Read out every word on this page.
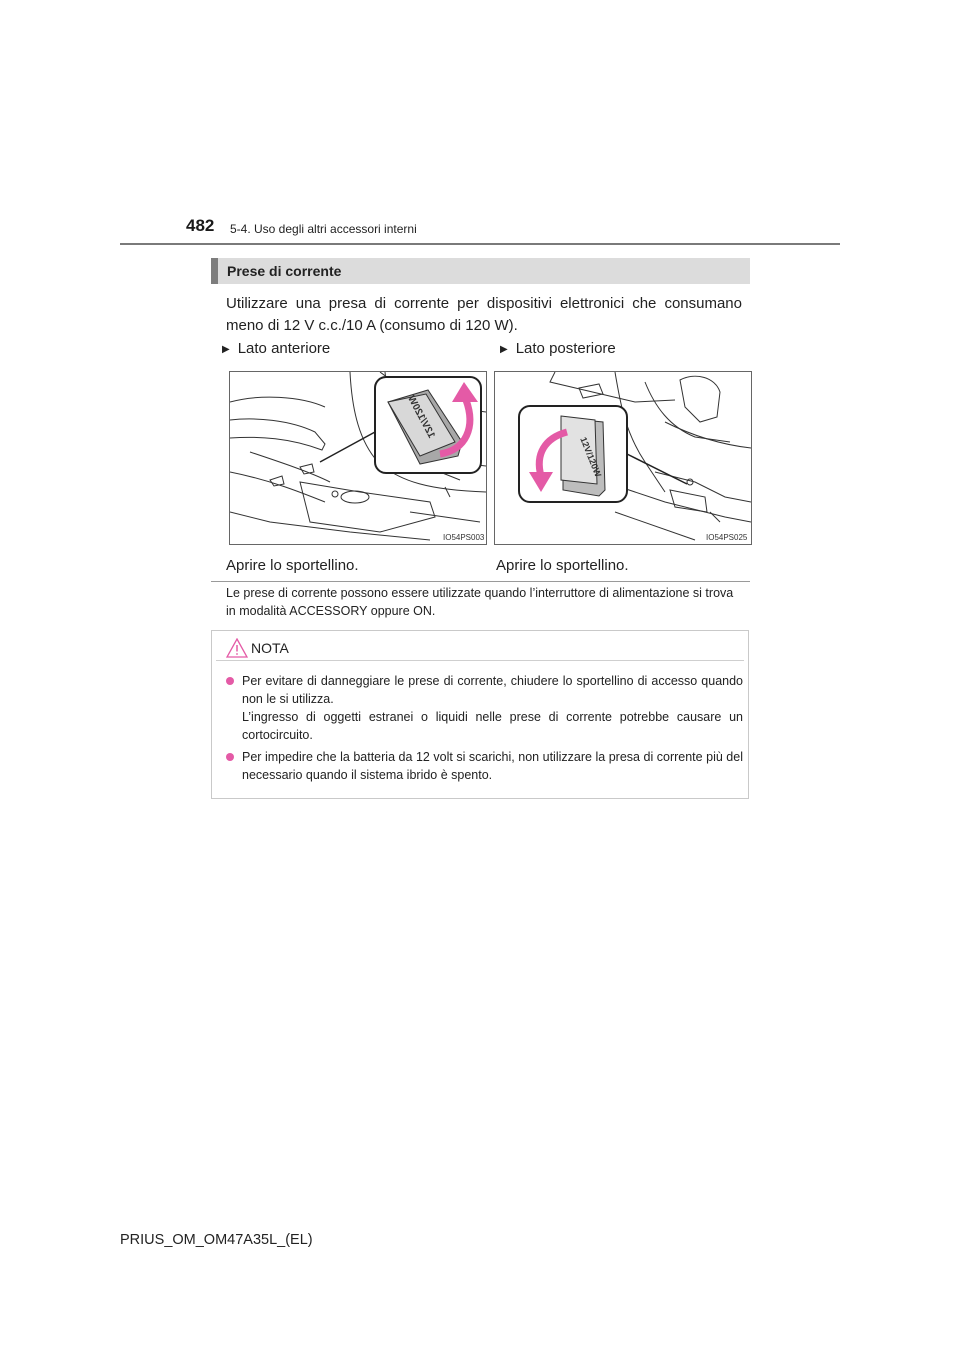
482 5-4. Uso degli altri accessori interni
Prese di corrente
Utilizzare una presa di corrente per dispositivi elettronici che consumano meno di 12 V c.c./10 A (consumo di 120 W).
▶ Lato anteriore	▶ Lato posteriore
12V/120W
IO54PS003
12V/120W
IO54PS025
Aprire lo sportellino.	Aprire lo sportellino.
Le prese di corrente possono essere utilizzate quando l’interruttore di alimentazione si trova in modalità ACCESSORY oppure ON.
NOTA
Per evitare di danneggiare le prese di corrente, chiudere lo sportellino di accesso quando non le si utilizza.
L’ingresso di oggetti estranei o liquidi nelle prese di corrente potrebbe causare un cortocircuito.
Per impedire che la batteria da 12 volt si scarichi, non utilizzare la presa di corrente più del necessario quando il sistema ibrido è spento.
PRIUS_OM_OM47A35L_(EL)
